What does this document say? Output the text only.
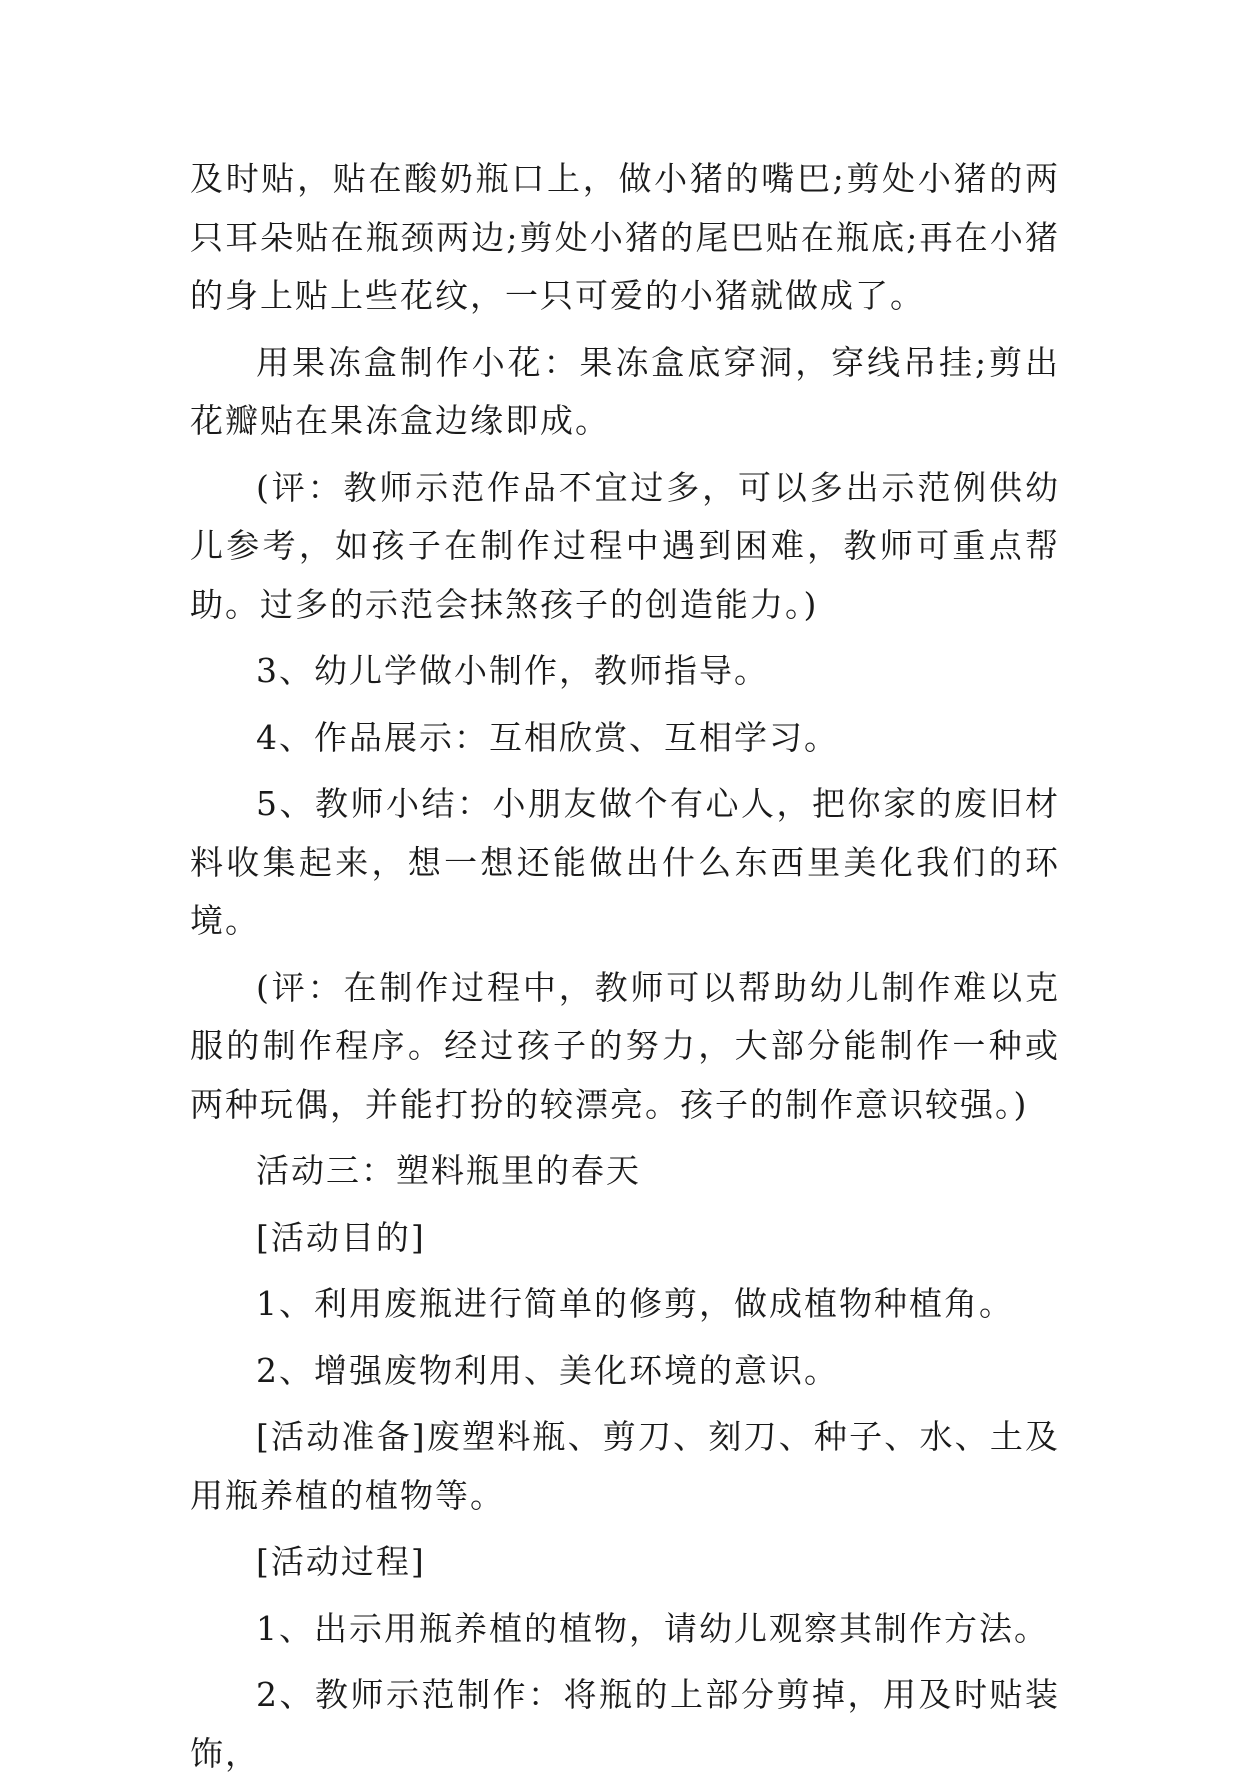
及时贴，贴在酸奶瓶口上，做小猪的嘴巴;剪处小猪的两只耳朵贴在瓶颈两边;剪处小猪的尾巴贴在瓶底;再在小猪的身上贴上些花纹，一只可爱的小猪就做成了。

用果冻盒制作小花：果冻盒底穿洞，穿线吊挂;剪出花瓣贴在果冻盒边缘即成。

(评：教师示范作品不宜过多，可以多出示范例供幼儿参考，如孩子在制作过程中遇到困难，教师可重点帮助。过多的示范会抹煞孩子的创造能力。)

3、幼儿学做小制作，教师指导。

4、作品展示：互相欣赏、互相学习。

5、教师小结：小朋友做个有心人，把你家的废旧材料收集起来，想一想还能做出什么东西里美化我们的环境。

(评：在制作过程中，教师可以帮助幼儿制作难以克服的制作程序。经过孩子的努力，大部分能制作一种或两种玩偶，并能打扮的较漂亮。孩子的制作意识较强。)

活动三：塑料瓶里的春天

[活动目的]

1、利用废瓶进行简单的修剪，做成植物种植角。

2、增强废物利用、美化环境的意识。

[活动准备]废塑料瓶、剪刀、刻刀、种子、水、土及用瓶养植的植物等。

[活动过程]

1、出示用瓶养植的植物，请幼儿观察其制作方法。

2、教师示范制作：将瓶的上部分剪掉，用及时贴装饰，
